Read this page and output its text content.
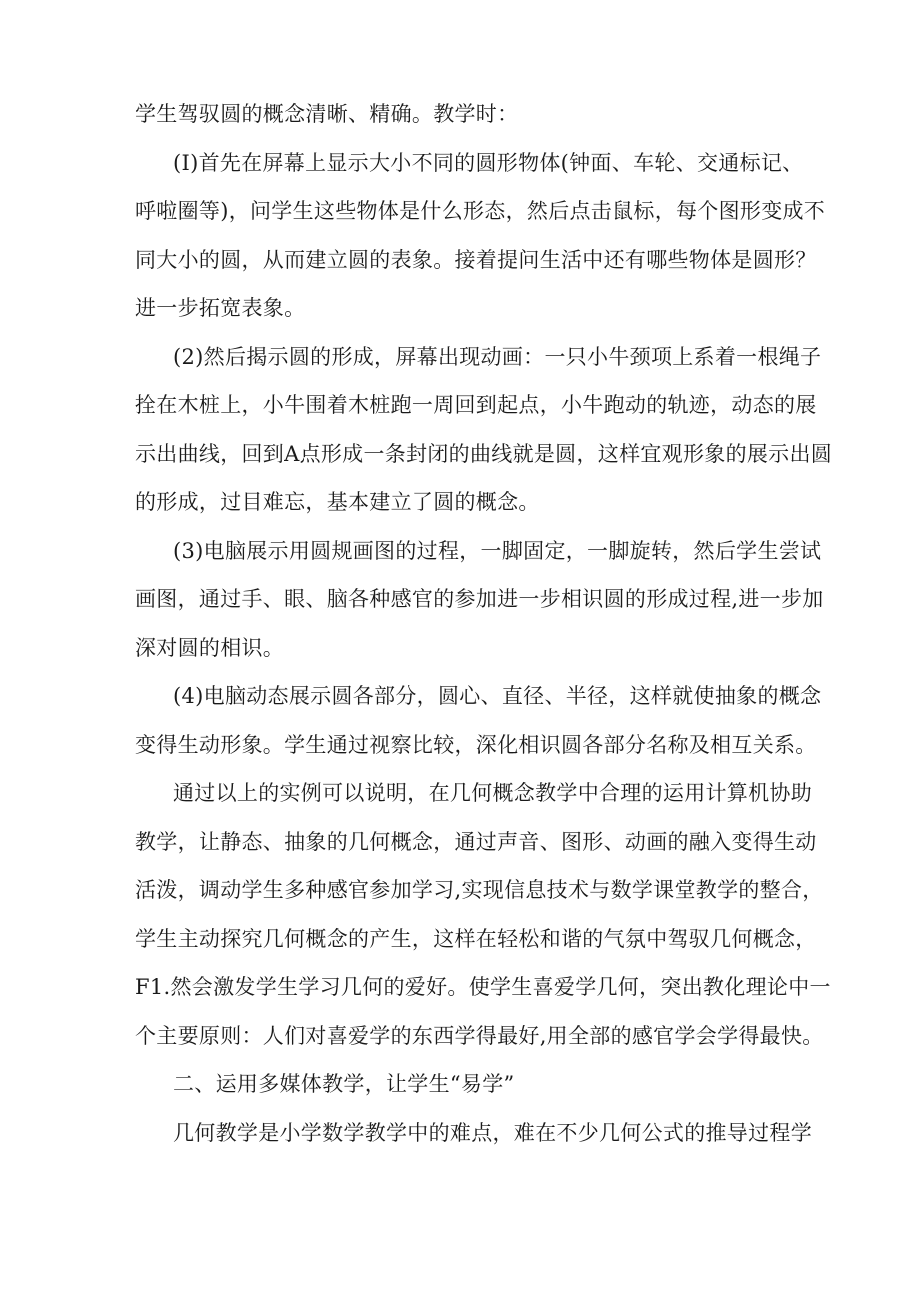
学生驾驭圆的概念清晰、精确。教学时：
(I)首先在屏幕上显示大小不同的圆形物体(钟面、车轮、交通标记、
呼啦圈等)，问学生这些物体是什么形态，然后点击鼠标，每个图形变成不
同大小的圆，从而建立圆的表象。接着提问生活中还有哪些物体是圆形？
进一步拓宽表象。
(2)然后揭示圆的形成，屏幕出现动画：一只小牛颈项上系着一根绳子
拴在木桩上，小牛围着木桩跑一周回到起点，小牛跑动的轨迹，动态的展
示出曲线，回到A点形成一条封闭的曲线就是圆，这样宜观形象的展示出圆
的形成，过目难忘，基本建立了圆的概念。
(3)电脑展示用圆规画图的过程，一脚固定，一脚旋转，然后学生尝试
画图，通过手、眼、脑各种感官的参加进一步相识圆的形成过程,进一步加
深对圆的相识。
(4)电脑动态展示圆各部分，圆心、直径、半径，这样就使抽象的概念
变得生动形象。学生通过视察比较，深化相识圆各部分名称及相互关系。
通过以上的实例可以说明，在几何概念教学中合理的运用计算机协助
教学，让静态、抽象的几何概念，通过声音、图形、动画的融入变得生动
活泼，调动学生多种感官参加学习,实现信息技术与数学课堂教学的整合，
学生主动探究几何概念的产生，这样在轻松和谐的气氛中驾驭几何概念，
F1.然会激发学生学习几何的爱好。使学生喜爱学几何，突出教化理论中一
个主要原则：人们对喜爱学的东西学得最好,用全部的感官学会学得最快。
二、运用多媒体教学，让学生“易学”
几何教学是小学数学教学中的难点，难在不少几何公式的推导过程学
